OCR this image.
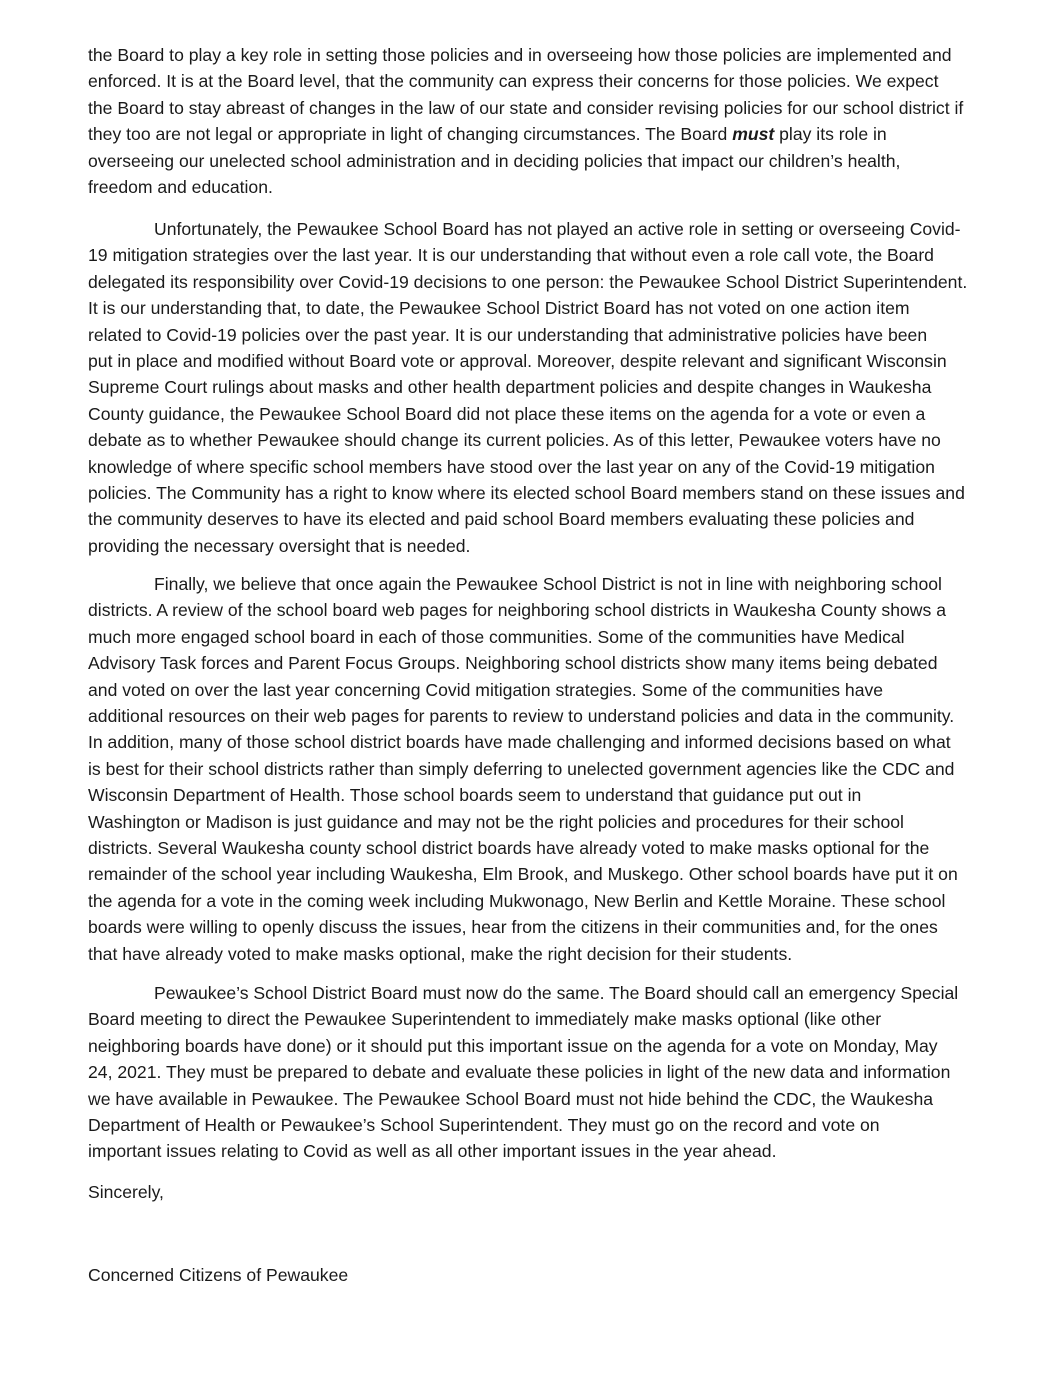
the Board to play a key role in setting those policies and in overseeing how those policies are implemented and
enforced. It is at the Board level, that the community can express their concerns for those policies. We expect
the Board to stay abreast of changes in the law of our state and consider revising policies for our school district if
they too are not legal or appropriate in light of changing circumstances. The Board must play its role in
overseeing our unelected school administration and in deciding policies that impact our children’s health,
freedom and education.
Unfortunately, the Pewaukee School Board has not played an active role in setting or overseeing Covid-
19 mitigation strategies over the last year. It is our understanding that without even a role call vote, the Board
delegated its responsibility over Covid-19 decisions to one person: the Pewaukee School District Superintendent.
It is our understanding that, to date, the Pewaukee School District Board has not voted on one action item
related to Covid-19 policies over the past year. It is our understanding that administrative policies have been
put in place and modified without Board vote or approval. Moreover, despite relevant and significant Wisconsin
Supreme Court rulings about masks and other health department policies and despite changes in Waukesha
County guidance, the Pewaukee School Board did not place these items on the agenda for a vote or even a
debate as to whether Pewaukee should change its current policies. As of this letter, Pewaukee voters have no
knowledge of where specific school members have stood over the last year on any of the Covid-19 mitigation
policies. The Community has a right to know where its elected school Board members stand on these issues and
the community deserves to have its elected and paid school Board members evaluating these policies and
providing the necessary oversight that is needed.
Finally, we believe that once again the Pewaukee School District is not in line with neighboring school
districts. A review of the school board web pages for neighboring school districts in Waukesha County shows a
much more engaged school board in each of those communities. Some of the communities have Medical
Advisory Task forces and Parent Focus Groups. Neighboring school districts show many items being debated
and voted on over the last year concerning Covid mitigation strategies. Some of the communities have
additional resources on their web pages for parents to review to understand policies and data in the community.
In addition, many of those school district boards have made challenging and informed decisions based on what
is best for their school districts rather than simply deferring to unelected government agencies like the CDC and
Wisconsin Department of Health. Those school boards seem to understand that guidance put out in
Washington or Madison is just guidance and may not be the right policies and procedures for their school
districts. Several Waukesha county school district boards have already voted to make masks optional for the
remainder of the school year including Waukesha, Elm Brook, and Muskego. Other school boards have put it on
the agenda for a vote in the coming week including Mukwonago, New Berlin and Kettle Moraine. These school
boards were willing to openly discuss the issues, hear from the citizens in their communities and, for the ones
that have already voted to make masks optional, make the right decision for their students.
Pewaukee’s School District Board must now do the same. The Board should call an emergency Special
Board meeting to direct the Pewaukee Superintendent to immediately make masks optional (like other
neighboring boards have done) or it should put this important issue on the agenda for a vote on Monday, May
24, 2021. They must be prepared to debate and evaluate these policies in light of the new data and information
we have available in Pewaukee. The Pewaukee School Board must not hide behind the CDC, the Waukesha
Department of Health or Pewaukee’s School Superintendent. They must go on the record and vote on
important issues relating to Covid as well as all other important issues in the year ahead.
Sincerely,
Concerned Citizens of Pewaukee
